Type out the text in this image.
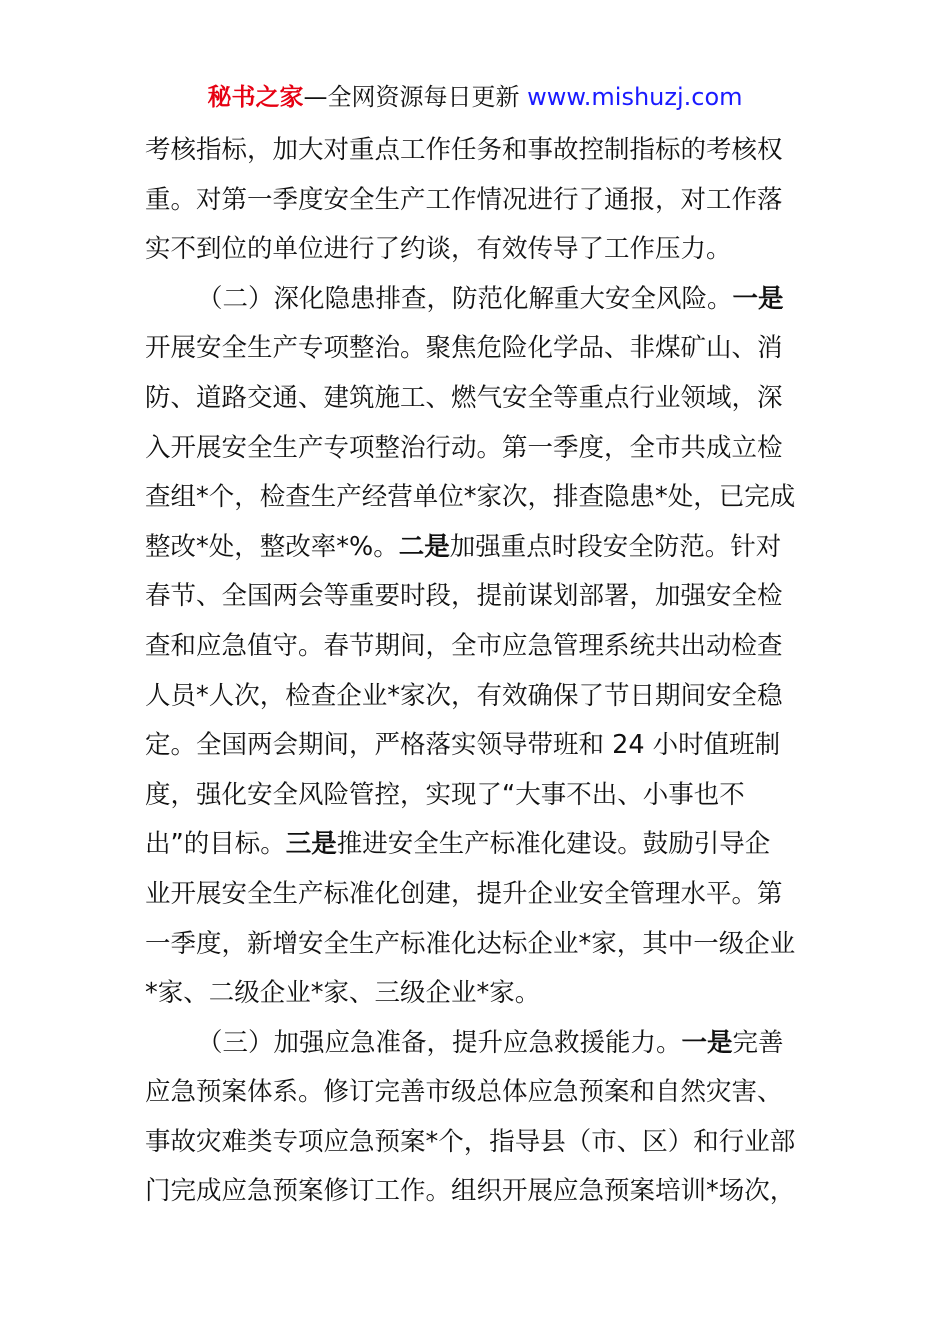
秘书之家—全网资源每日更新 www.mishuzj.com
考核指标，加大对重点工作任务和事故控制指标的考核权
重。对第一季度安全生产工作情况进行了通报，对工作落
实不到位的单位进行了约谈，有效传导了工作压力。
（二）深化隐患排查，防范化解重大安全风险。一是
开展安全生产专项整治。聚焦危险化学品、非煤矿山、消
防、道路交通、建筑施工、燃气安全等重点行业领域，深
入开展安全生产专项整治行动。第一季度，全市共成立检
查组*个，检查生产经营单位*家次，排查隐患*处，已完成
整改*处，整改率*%。二是加强重点时段安全防范。针对
春节、全国两会等重要时段，提前谋划部署，加强安全检
查和应急值守。春节期间，全市应急管理系统共出动检查
人员*人次，检查企业*家次，有效确保了节日期间安全稳
定。全国两会期间，严格落实领导带班和 24 小时值班制
度，强化安全风险管控，实现了“大事不出、小事也不
出”的目标。三是推进安全生产标准化建设。鼓励引导企
业开展安全生产标准化创建，提升企业安全管理水平。第
一季度，新增安全生产标准化达标企业*家，其中一级企业
*家、二级企业*家、三级企业*家。
（三）加强应急准备，提升应急救援能力。一是完善
应急预案体系。修订完善市级总体应急预案和自然灾害、
事故灾难类专项应急预案*个，指导县（市、区）和行业部
门完成应急预案修订工作。组织开展应急预案培训*场次，
